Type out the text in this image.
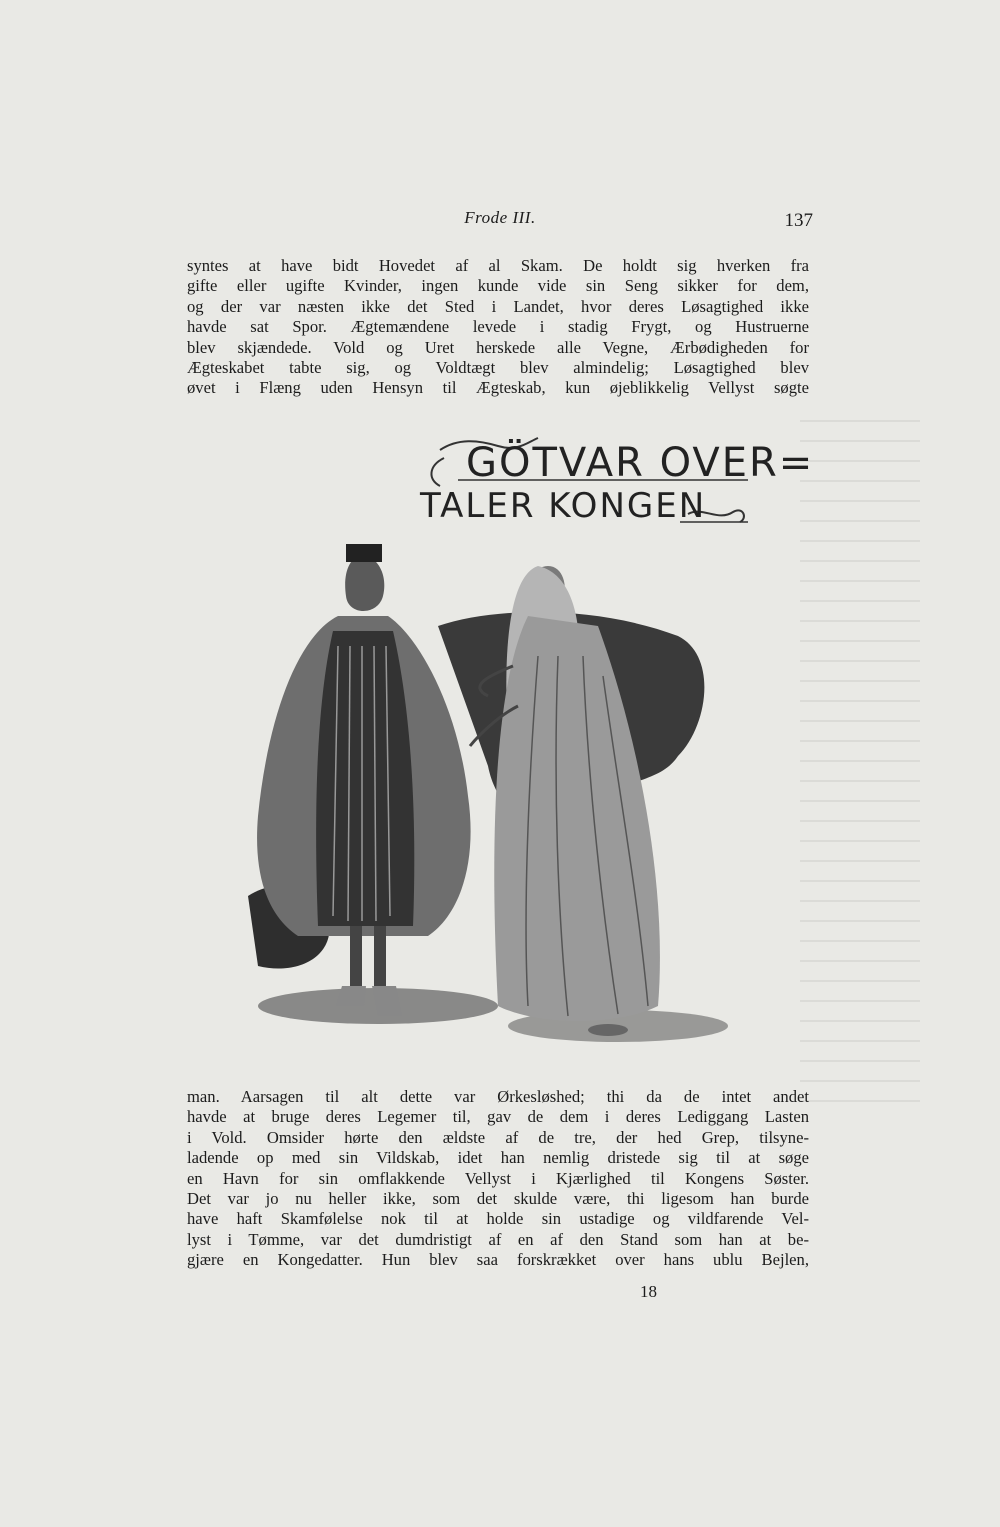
Frode III.	137
syntes at have bidt Hovedet af al Skam. De holdt sig hverken fra
gifte eller ugifte Kvinder, ingen kunde vide sin Seng sikker for dem,
og der var næsten ikke det Sted i Landet, hvor deres Løsagtighed ikke
havde sat Spor. Ægtemændene levede i stadig Frygt, og Hustruerne
blev skjændede. Vold og Uret herskede alle Vegne, Ærbødigheden for
Ægteskabet tabte sig, og Voldtægt blev almindelig; Løsagtighed blev
øvet i Flæng uden Hensyn til Ægteskab, kun øjeblikkelig Vellyst søgte
GÖTVAR OVER=
TALER KONGEN
man. Aarsagen til alt dette var Ørkesløshed; thi da de intet andet
havde at bruge deres Legemer til, gav de dem i deres Lediggang Lasten
i Vold. Omsider hørte den ældste af de tre, der hed Grep, tilsyne-
ladende op med sin Vildskab, idet han nemlig dristede sig til at søge
en Havn for sin omflakkende Vellyst i Kjærlighed til Kongens Søster.
Det var jo nu heller ikke, som det skulde være, thi ligesom han burde
have haft Skamfølelse nok til at holde sin ustadige og vildfarende Vel-
lyst i Tømme, var det dumdristigt af en af den Stand som han at be-
gjære en Kongedatter. Hun blev saa forskrækket over hans ublu Bejlen,
18
